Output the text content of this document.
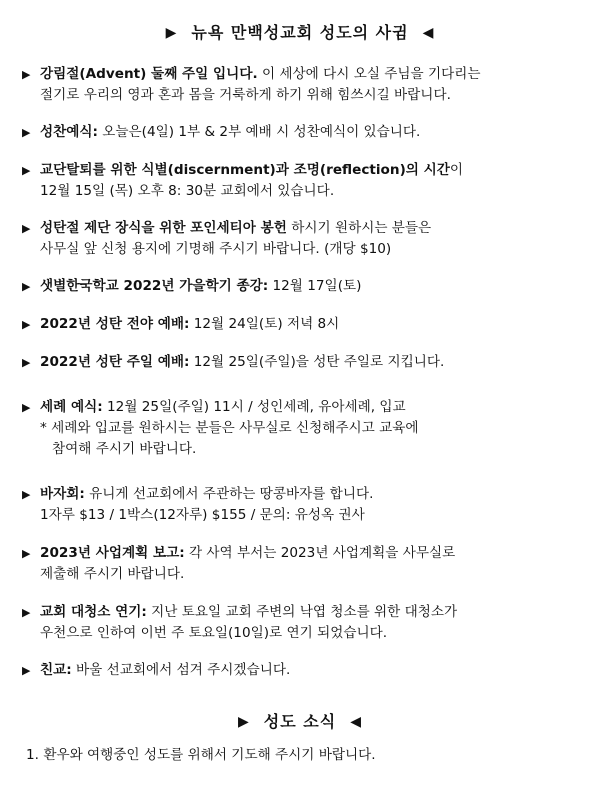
▶ 뉴욕 만백성교회 성도의 사귐 ◀
▶ 강림절(Advent) 둘째 주일 입니다. 이 세상에 다시 오실 주님을 기다리는
절기로 우리의 영과 혼과 몸을 거룩하게 하기 위해 힘쓰시길 바랍니다.
▶ 성찬예식: 오늘은(4일) 1부 & 2부 예배 시 성찬예식이 있습니다.
▶ 교단탈퇴를 위한 식별(discernment)과 조명(reflection)의 시간이
12월 15일 (목) 오후 8: 30분 교회에서 있습니다.
▶ 성탄절 제단 장식을 위한 포인세티아 봉헌 하시기 원하시는 분들은
사무실 앞 신청 용지에 기명해 주시기 바랍니다. (개당 $10)
▶ 샛별한국학교 2022년 가을학기 종강: 12월 17일(토)
▶ 2022년 성탄 전야 예배: 12월 24일(토) 저녁 8시
▶ 2022년 성탄 주일 예배: 12월 25일(주일)을 성탄 주일로 지킵니다.
▶ 세례 예식: 12월 25일(주일) 11시 / 성인세례, 유아세례, 입교
* 세례와 입교를 원하시는 분들은 사무실로 신청해주시고 교육에
참여해 주시기 바랍니다.
▶ 바자회: 유니게 선교회에서 주관하는 땅콩바자를 합니다.
1자루 $13 / 1박스(12자루) $155 / 문의: 유성옥 권사
▶ 2023년 사업계획 보고: 각 사역 부서는 2023년 사업계획을 사무실로
제출해 주시기 바랍니다.
▶ 교회 대청소 연기: 지난 토요일 교회 주변의 낙엽 청소를 위한 대청소가
우천으로 인하여 이번 주 토요일(10일)로 연기 되었습니다.
▶ 친교: 바울 선교회에서 섬겨 주시겠습니다.
▶ 성도 소식 ◀
1. 환우와 여행중인 성도를 위해서 기도해 주시기 바랍니다.
